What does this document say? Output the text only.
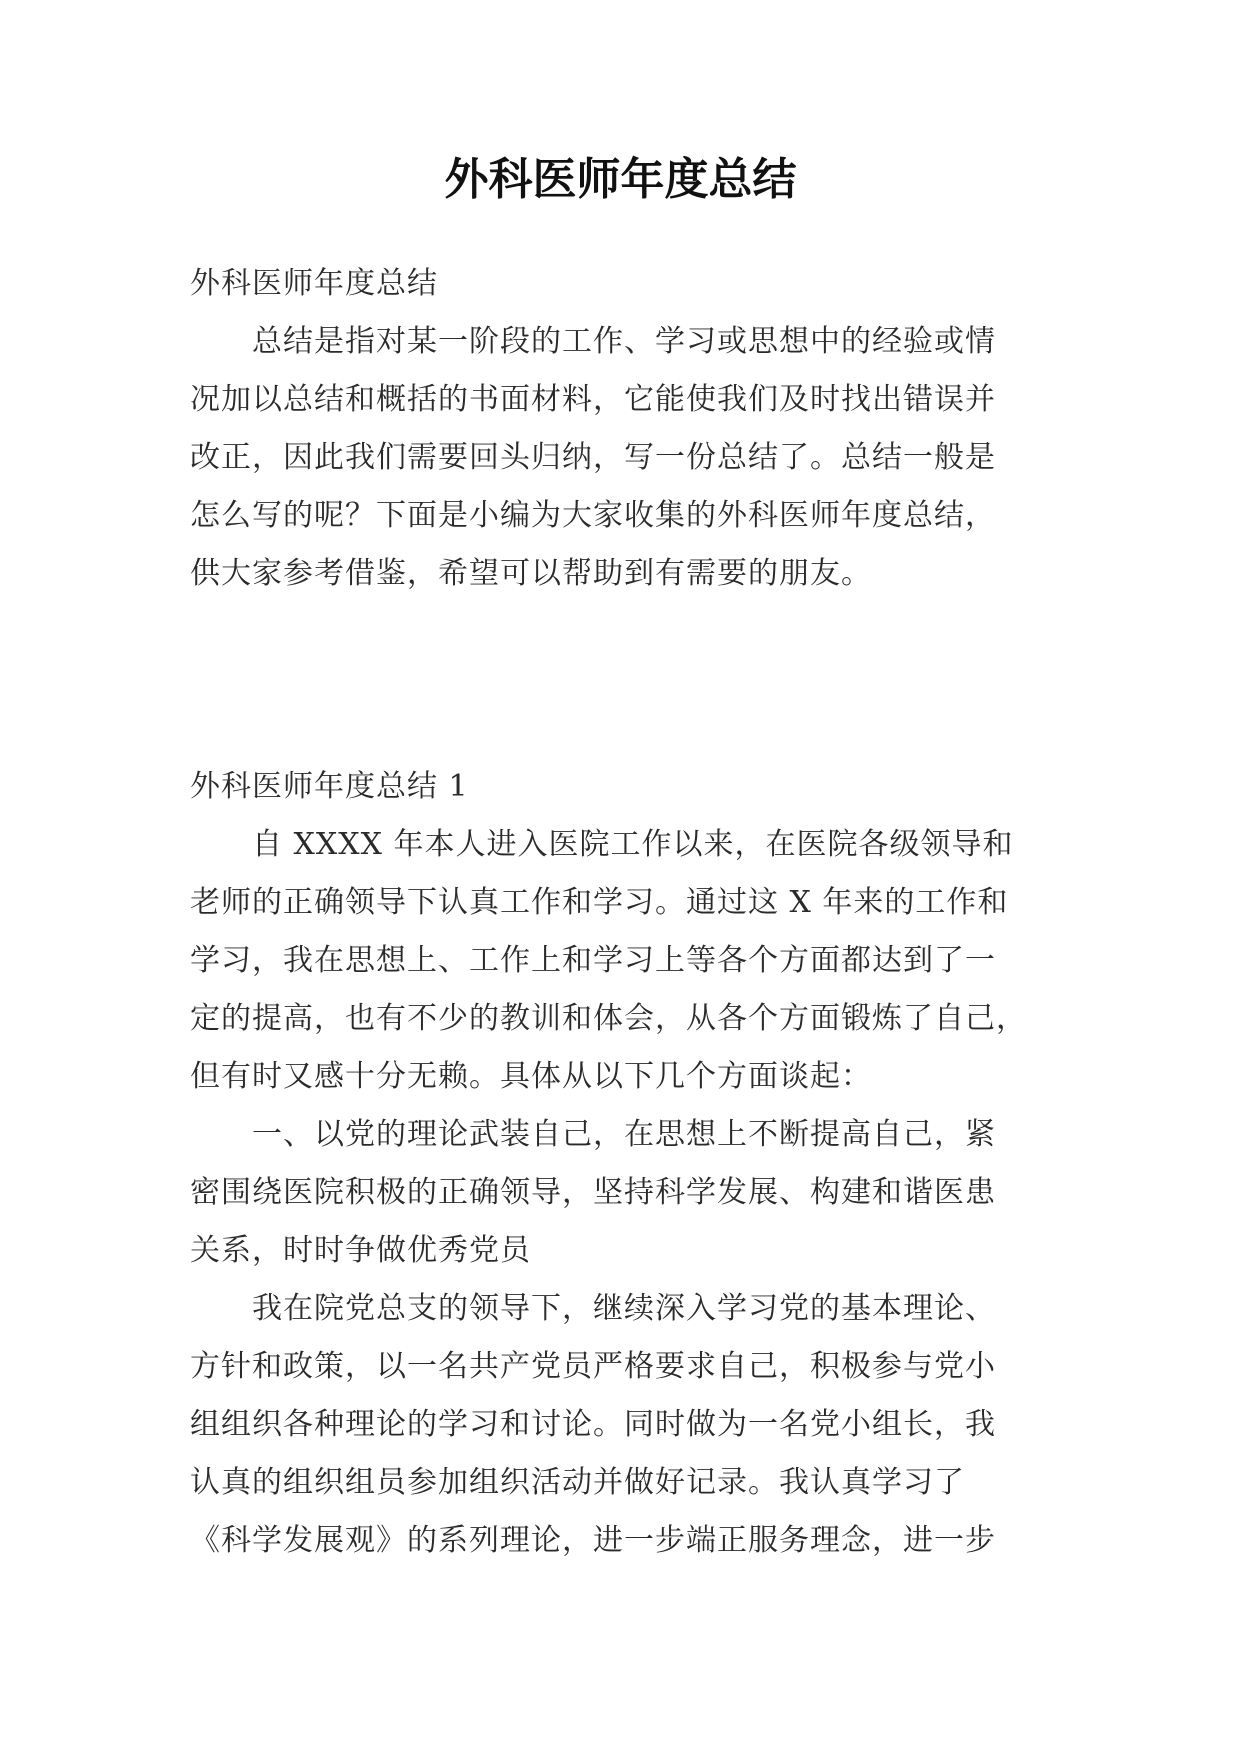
外科医师年度总结
外科医师年度总结
　　总结是指对某一阶段的工作、学习或思想中的经验或情
况加以总结和概括的书面材料，它能使我们及时找出错误并
改正，因此我们需要回头归纳，写一份总结了。总结一般是
怎么写的呢？下面是小编为大家收集的外科医师年度总结，
供大家参考借鉴，希望可以帮助到有需要的朋友。
外科医师年度总结 1
　　自 XXXX 年本人进入医院工作以来，在医院各级领导和
老师的正确领导下认真工作和学习。通过这 X 年来的工作和
学习，我在思想上、工作上和学习上等各个方面都达到了一
定的提高，也有不少的教训和体会，从各个方面锻炼了自己，
但有时又感十分无赖。具体从以下几个方面谈起：
　　一、以党的理论武装自己，在思想上不断提高自己，紧
密围绕医院积极的正确领导，坚持科学发展、构建和谐医患
关系，时时争做优秀党员
　　我在院党总支的领导下，继续深入学习党的基本理论、
方针和政策，以一名共产党员严格要求自己，积极参与党小
组组织各种理论的学习和讨论。同时做为一名党小组长，我
认真的组织组员参加组织活动并做好记录。我认真学习了
《科学发展观》的系列理论，进一步端正服务理念，进一步
